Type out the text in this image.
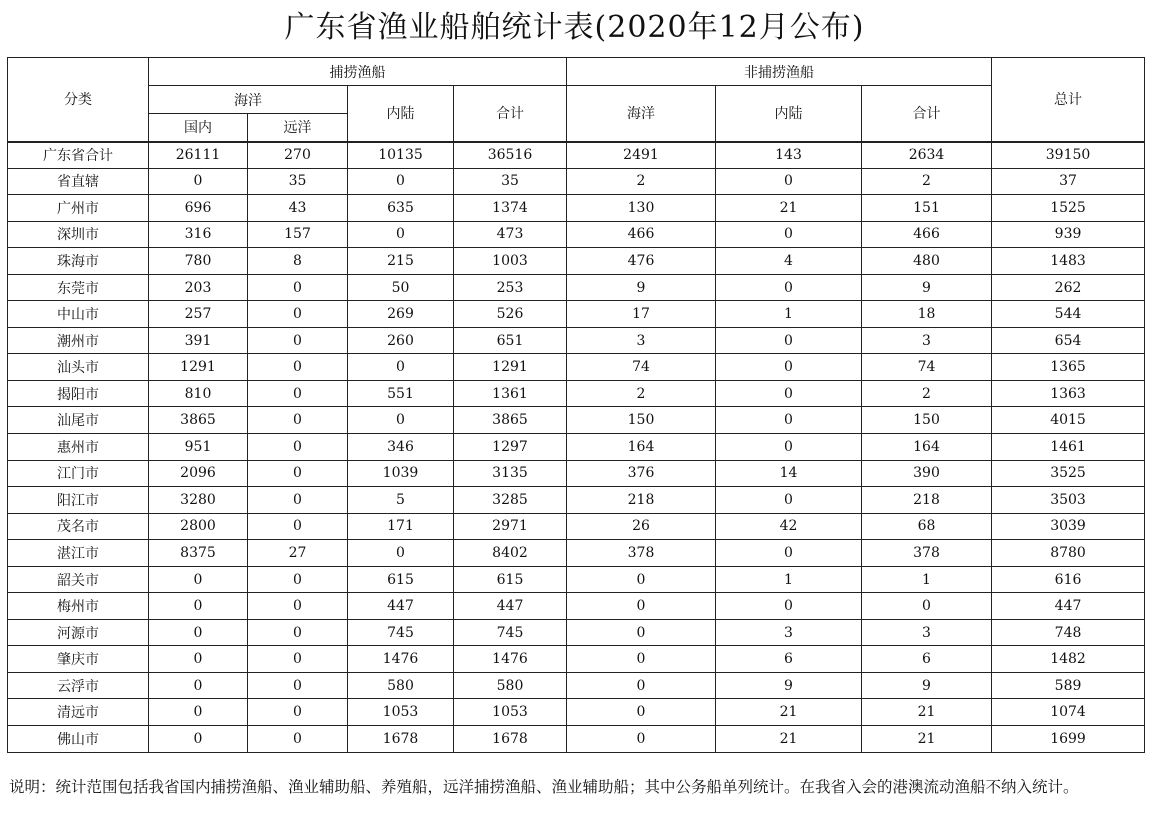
广东省渔业船舶统计表(2020年12月公布)
分类	捕捞渔船				非捕捞渔船			总计
	海洋		内陆	合计	海洋	内陆	合计	
	国内	远洋						
广东省合计	26111	270	10135	36516	2491	143	2634	39150
省直辖	0	35	0	35	2	0	2	37
广州市	696	43	635	1374	130	21	151	1525
深圳市	316	157	0	473	466	0	466	939
珠海市	780	8	215	1003	476	4	480	1483
东莞市	203	0	50	253	9	0	9	262
中山市	257	0	269	526	17	1	18	544
潮州市	391	0	260	651	3	0	3	654
汕头市	1291	0	0	1291	74	0	74	1365
揭阳市	810	0	551	1361	2	0	2	1363
汕尾市	3865	0	0	3865	150	0	150	4015
惠州市	951	0	346	1297	164	0	164	1461
江门市	2096	0	1039	3135	376	14	390	3525
阳江市	3280	0	5	3285	218	0	218	3503
茂名市	2800	0	171	2971	26	42	68	3039
湛江市	8375	27	0	8402	378	0	378	8780
韶关市	0	0	615	615	0	1	1	616
梅州市	0	0	447	447	0	0	0	447
河源市	0	0	745	745	0	3	3	748
肇庆市	0	0	1476	1476	0	6	6	1482
云浮市	0	0	580	580	0	9	9	589
清远市	0	0	1053	1053	0	21	21	1074
佛山市	0	0	1678	1678	0	21	21	1699
说明：统计范围包括我省国内捕捞渔船、渔业辅助船、养殖船，远洋捕捞渔船、渔业辅助船；其中公务船单列统计。在我省入会的港澳流动渔船不纳入统计。
